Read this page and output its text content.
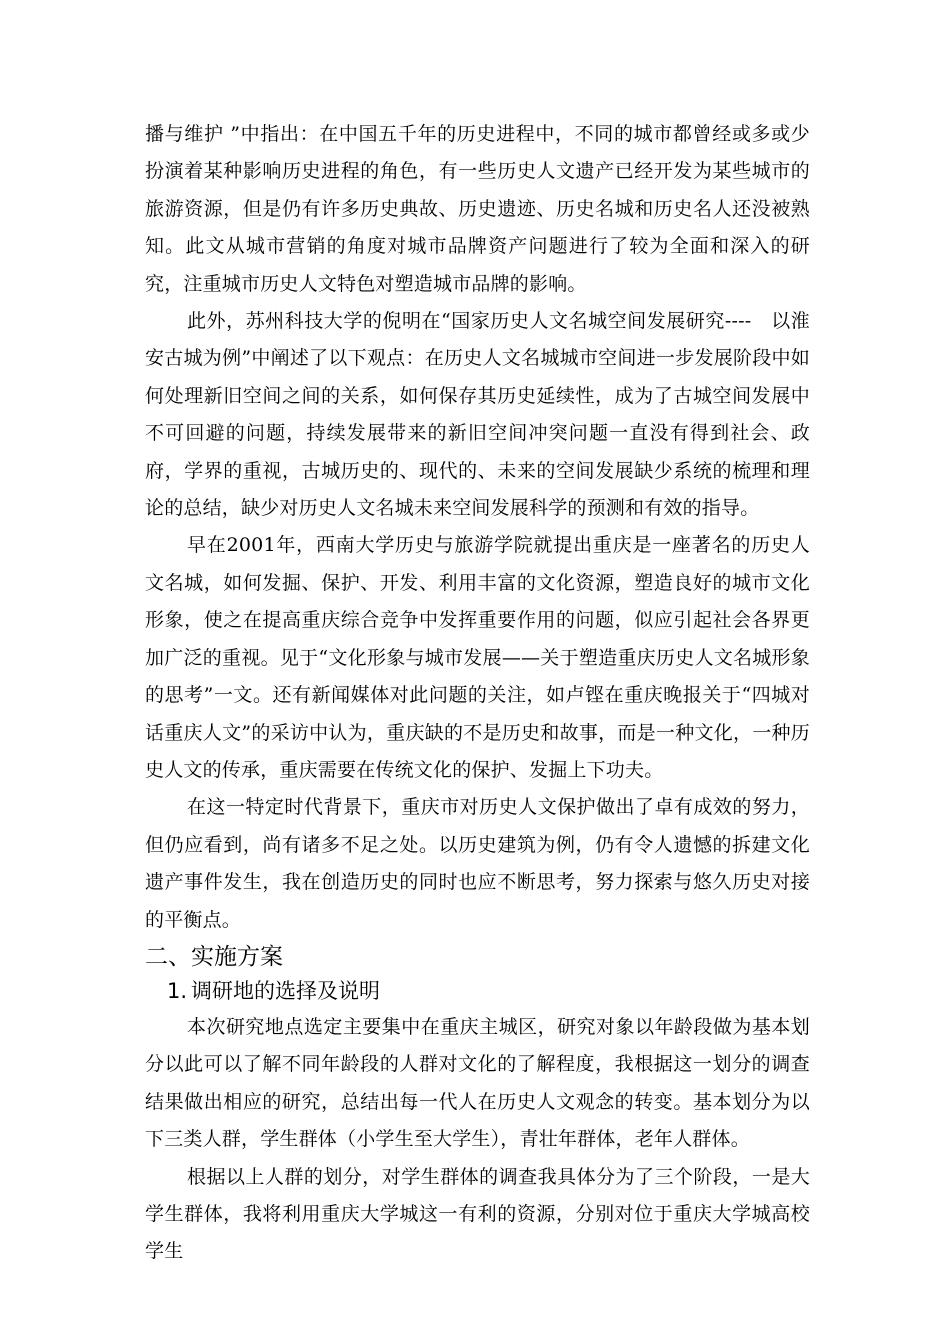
播与维护 ”中指出：在中国五千年的历史进程中，不同的城市都曾经或多或少扮演着某种影响历史进程的角色，有一些历史人文遗产已经开发为某些城市的旅游资源，但是仍有许多历史典故、历史遗迹、历史名城和历史名人还没被熟知。此文从城市营销的角度对城市品牌资产问题进行了较为全面和深入的研究，注重城市历史人文特色对塑造城市品牌的影响。

此外，苏州科技大学的倪明在“国家历史人文名城空间发展研究----　以淮安古城为例”中阐述了以下观点：在历史人文名城城市空间进一步发展阶段中如何处理新旧空间之间的关系，如何保存其历史延续性，成为了古城空间发展中不可回避的问题，持续发展带来的新旧空间冲突问题一直没有得到社会、政府，学界的重视，古城历史的、现代的、未来的空间发展缺少系统的梳理和理论的总结，缺少对历史人文名城未来空间发展科学的预测和有效的指导。

早在2001年，西南大学历史与旅游学院就提出重庆是一座著名的历史人文名城，如何发掘、保护、开发、利用丰富的文化资源，塑造良好的城市文化形象，使之在提高重庆综合竞争中发挥重要作用的问题，似应引起社会各界更加广泛的重视。见于“文化形象与城市发展——关于塑造重庆历史人文名城形象的思考”一文。还有新闻媒体对此问题的关注，如卢铿在重庆晚报关于“四城对话重庆人文”的采访中认为，重庆缺的不是历史和故事，而是一种文化，一种历史人文的传承，重庆需要在传统文化的保护、发掘上下功夫。

在这一特定时代背景下，重庆市对历史人文保护做出了卓有成效的努力，但仍应看到，尚有诸多不足之处。以历史建筑为例，仍有令人遗憾的拆建文化遗产事件发生，我在创造历史的同时也应不断思考，努力探索与悠久历史对接的平衡点。

二、实施方案
1. 调研地的选择及说明

本次研究地点选定主要集中在重庆主城区，研究对象以年龄段做为基本划分以此可以了解不同年龄段的人群对文化的了解程度，我根据这一划分的调查结果做出相应的研究，总结出每一代人在历史人文观念的转变。基本划分为以下三类人群，学生群体（小学生至大学生），青壮年群体，老年人群体。

根据以上人群的划分，对学生群体的调查我具体分为了三个阶段，一是大学生群体，我将利用重庆大学城这一有利的资源，分别对位于重庆大学城高校学生
